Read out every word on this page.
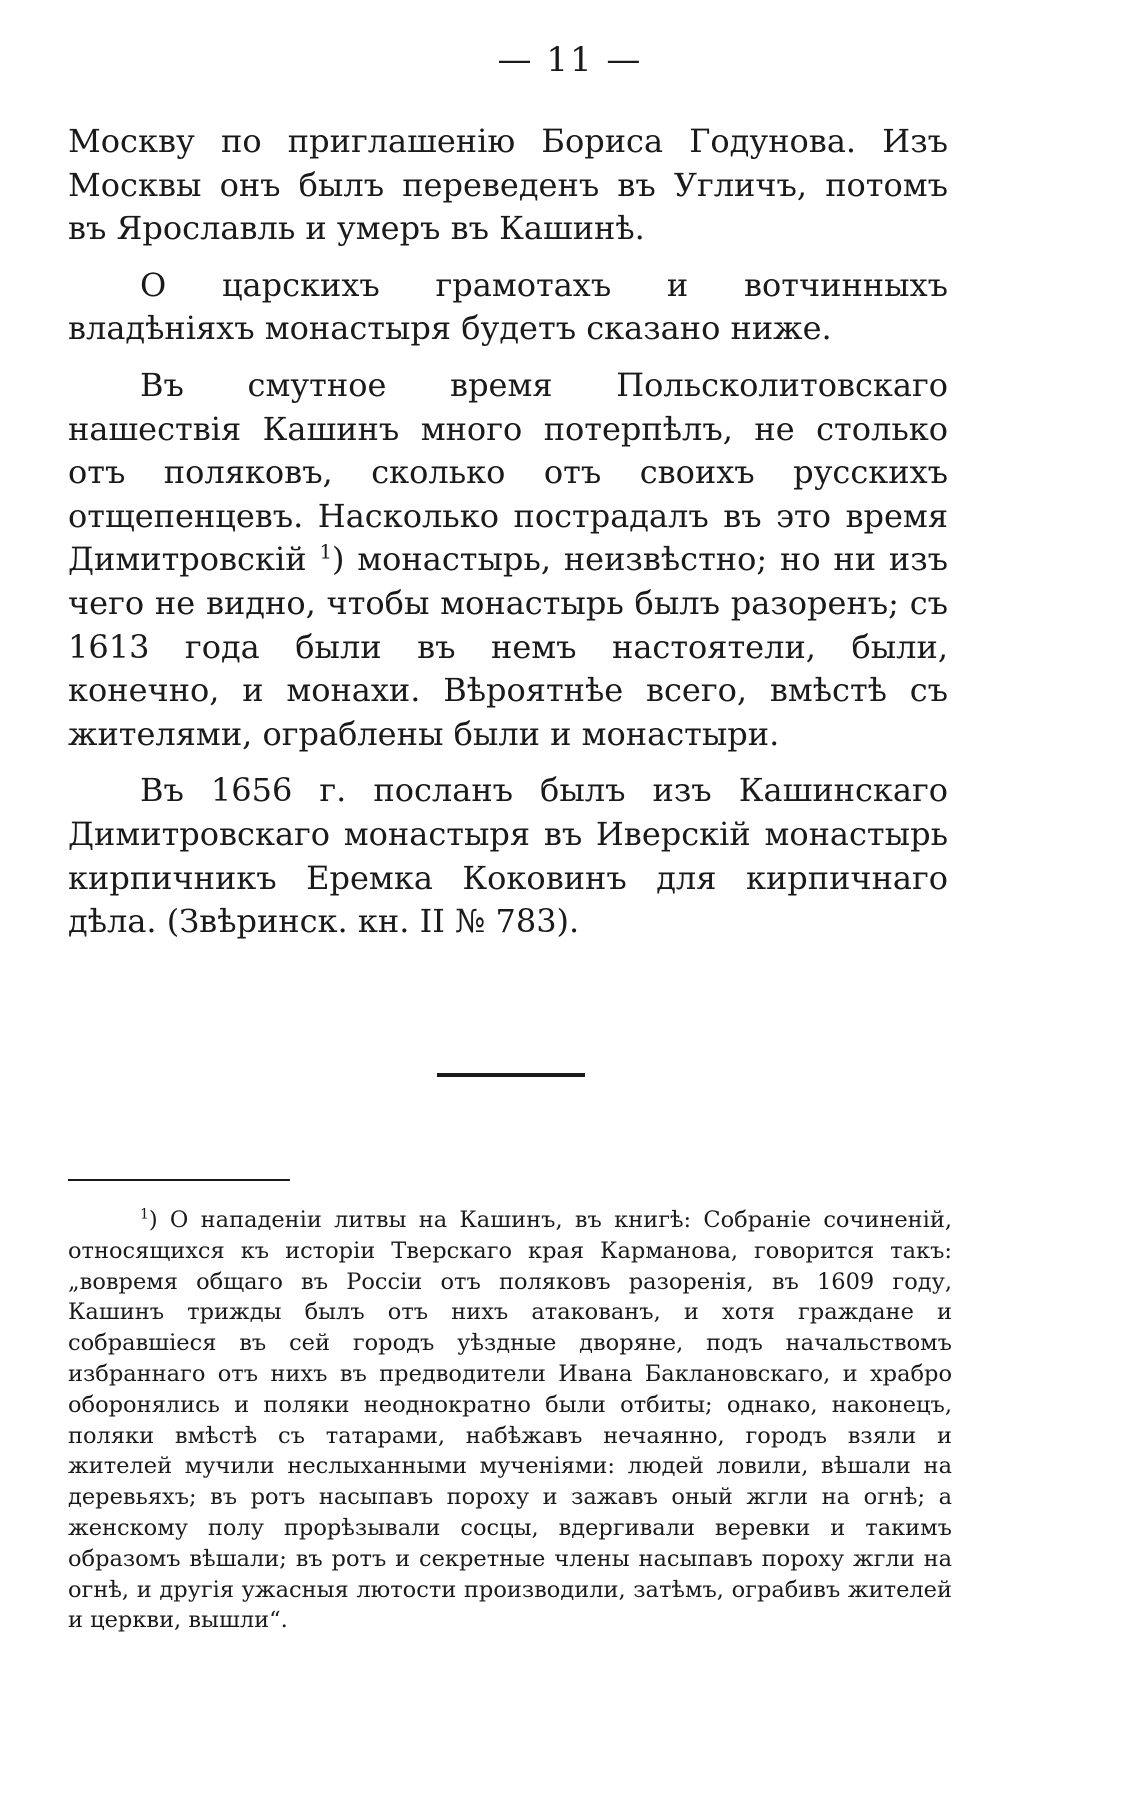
— 11 —

Москву по приглашенію Бориса Годунова. Изъ Москвы онъ былъ переведенъ въ Угличъ, потомъ въ Ярославль и умеръ въ Кашинѣ.

О царскихъ грамотахъ и вотчинныхъ владѣніяхъ монастыря будетъ сказано ниже.

Въ смутное время Польсколитовскаго нашествія Кашинъ много потерпѣлъ, не столько отъ поляковъ, сколько отъ своихъ русскихъ отщепенцевъ. Насколько пострадалъ въ это время Димитровскій $^1$) монастырь, неизвѣстно; но ни изъ чего не видно, чтобы монастырь былъ разоренъ; съ 1613 года были въ немъ настоятели, были, конечно, и монахи. Вѣроятнѣе всего, вмѣстѣ съ жителями, ограблены были и монастыри.

Въ 1656 г. посланъ былъ изъ Кашинскаго Димитровскаго монастыря въ Иверскій монастырь кирпичникъ Еремка Коковинъ для кирпичнаго дѣла. (Звѣринск. кн. II № 783).

$^1$) О нападеніи литвы на Кашинъ, въ книгѣ: Собраніе сочиненій, относящихся къ исторіи Тверскаго края Карманова, говорится такъ: „вовремя общаго въ Россіи отъ поляковъ разоренія, въ 1609 году, Кашинъ трижды былъ отъ нихъ атакованъ, и хотя граждане и собравшіеся въ сей городъ уѣздные дворяне, подъ начальствомъ избраннаго отъ нихъ въ предводители Ивана Баклановскаго, и храбро оборонялись и поляки неоднократно были отбиты; однако, наконецъ, поляки вмѣстѣ съ татарами, набѣжавъ нечаянно, городъ взяли и жителей мучили неслыханными мученіями: людей ловили, вѣшали на деревьяхъ; въ ротъ насыпавъ пороху и зажавъ оный жгли на огнѣ; а женскому полу прорѣзывали сосцы, вдергивали веревки и такимъ образомъ вѣшали; въ ротъ и секретные члены насыпавъ пороху жгли на огнѣ, и другія ужасныя лютости производили, затѣмъ, ограбивъ жителей и церкви, вышли“.
